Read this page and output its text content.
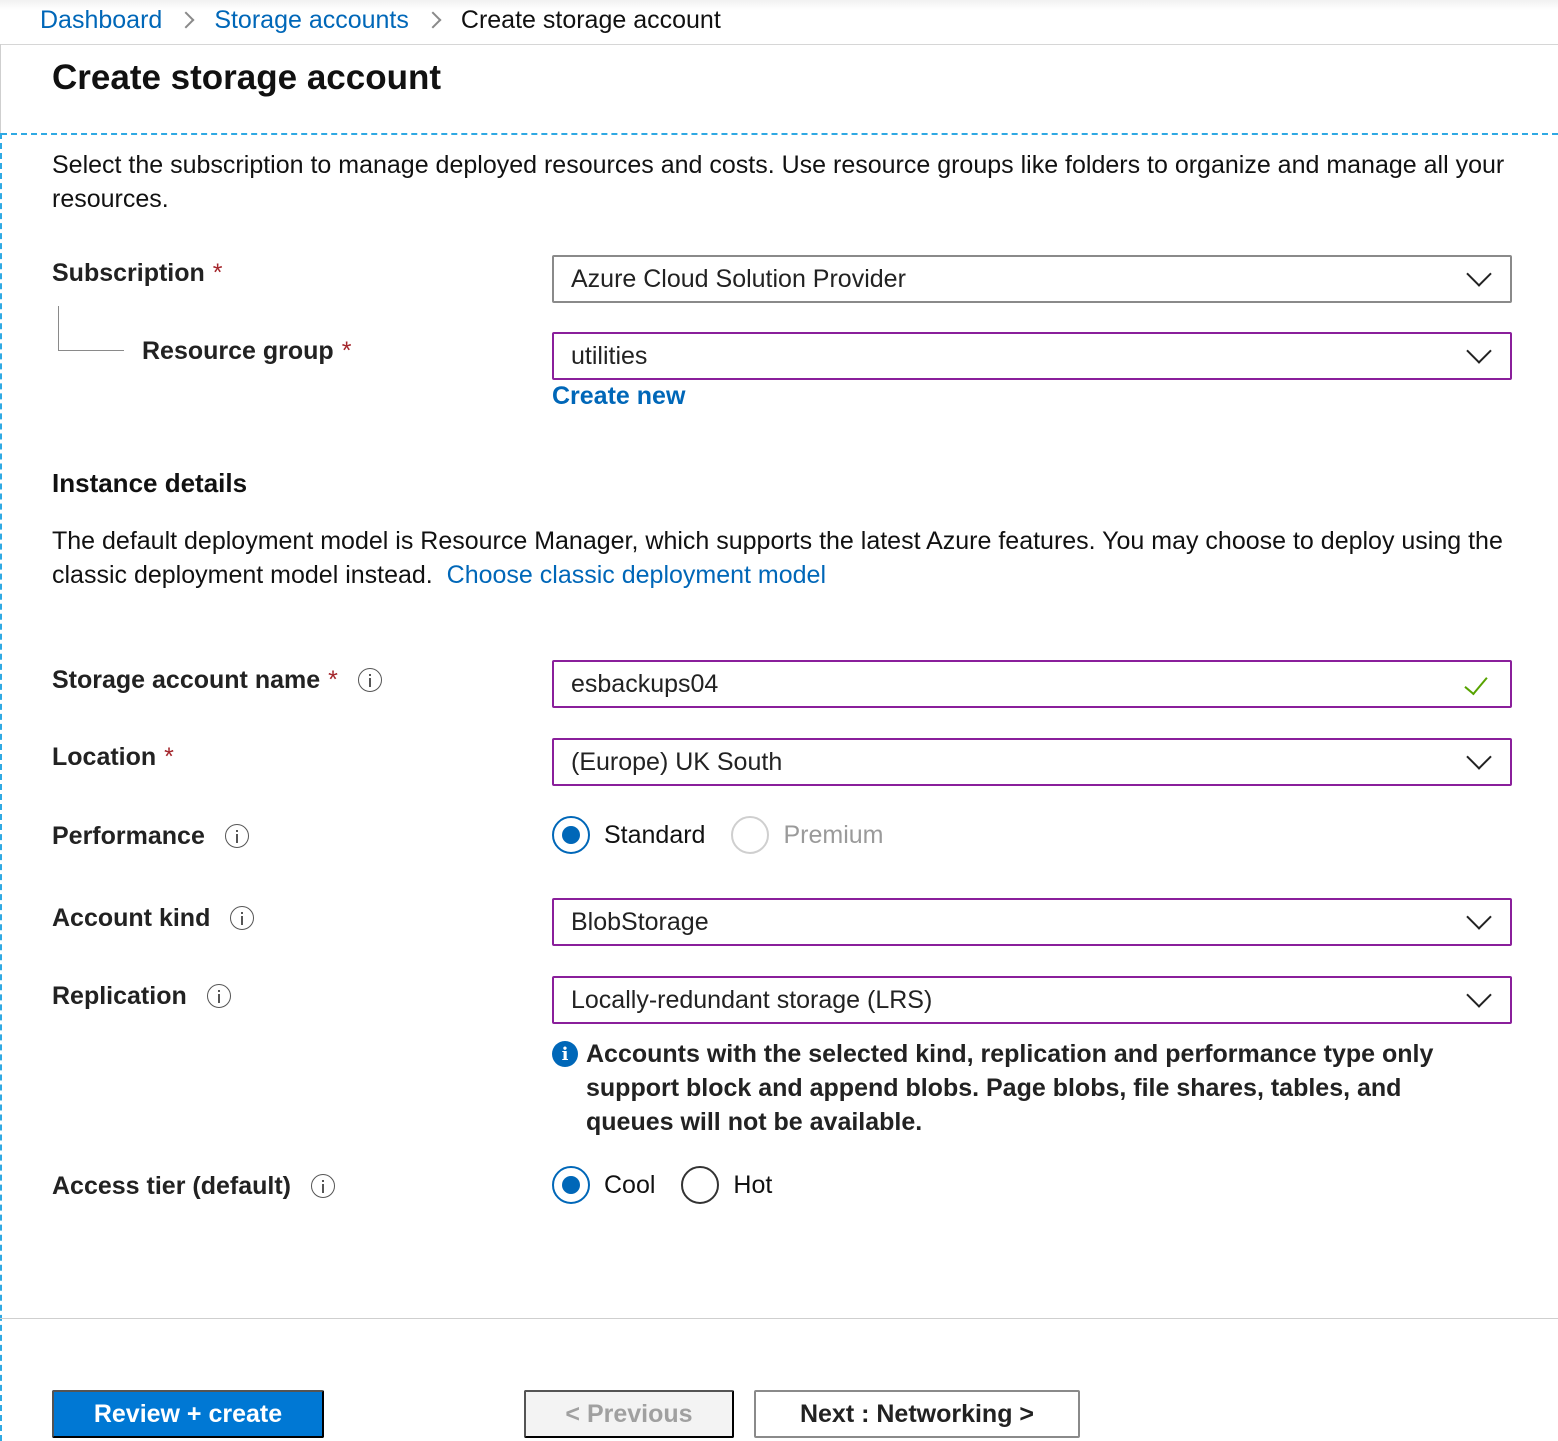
Dashboard Storage accounts Create storage account
Create storage account

Select the subscription to manage deployed resources and costs. Use resource groups like folders to organize and manage all your resources.

Subscription *	Azure Cloud Solution Provider
Resource group *	utilities
Create new
Instance details

The default deployment model is Resource Manager, which supports the latest Azure features. You may choose to deploy using the classic deployment model instead. Choose classic deployment model

Storage account name *	esbackups04
Location *	(Europe) UK South
Performance	Standard	Premium
Account kind	BlobStorage
Replication	Locally-redundant storage (LRS)
i Accounts with the selected kind, replication and performance type only support block and append blobs. Page blobs, file shares, tables, and queues will not be available.
Access tier (default)	Cool	Hot
Review + create	< Previous	Next : Networking >
